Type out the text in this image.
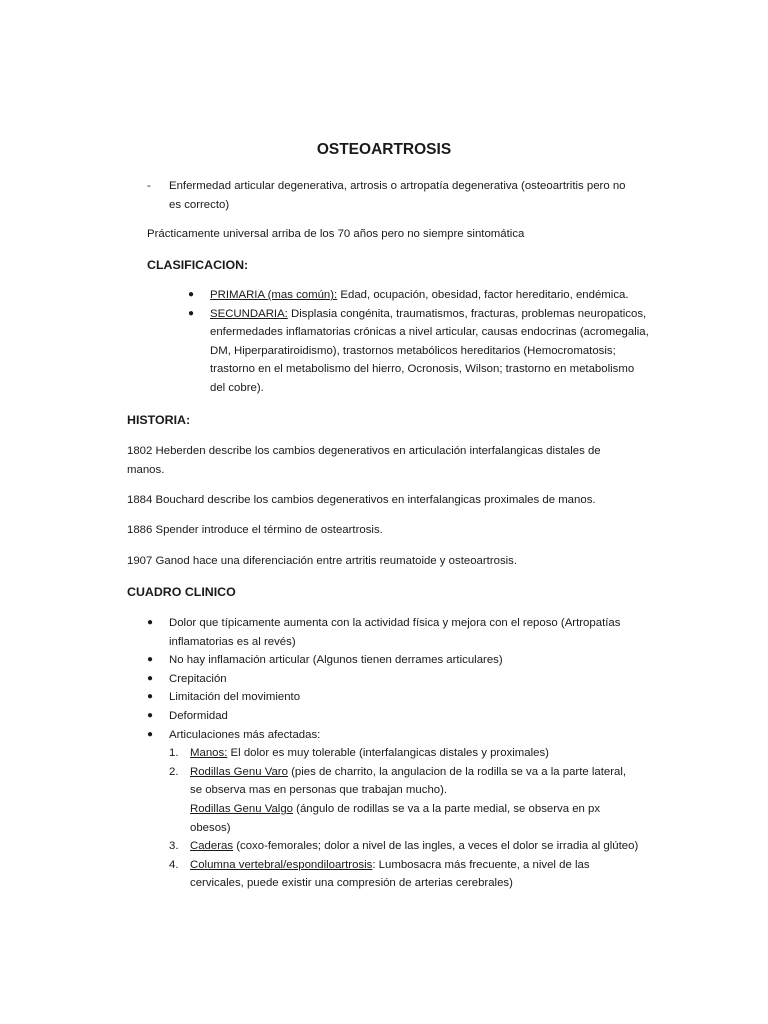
OSTEOARTROSIS
- Enfermedad articular degenerativa, artrosis o artropatía degenerativa (osteoartritis pero no es correcto)
Prácticamente universal arriba de los 70 años pero no siempre sintomática
CLASIFICACION:
● PRIMARIA (mas común): Edad, ocupación, obesidad, factor hereditario, endémica.
● SECUNDARIA: Displasia congénita, traumatismos, fracturas, problemas neuropaticos, enfermedades inflamatorias crónicas a nivel articular, causas endocrinas (acromegalia, DM, Hiperparatiroidismo), trastornos metabólicos hereditarios (Hemocromatosis; trastorno en el metabolismo del hierro, Ocronosis, Wilson; trastorno en metabolismo del cobre).
HISTORIA:
1802 Heberden describe los cambios degenerativos en articulación interfalangicas distales de manos.
1884 Bouchard describe los cambios degenerativos en interfalangicas proximales de manos.
1886 Spender introduce el término de osteartrosis.
1907 Ganod hace una diferenciación entre artritis reumatoide y osteoartrosis.
CUADRO CLINICO
● Dolor que típicamente aumenta con la actividad física y mejora con el reposo (Artropatías inflamatorias es al revés)
● No hay inflamación articular (Algunos tienen derrames articulares)
● Crepitación
● Limitación del movimiento
● Deformidad
● Articulaciones más afectadas:
1. Manos: El dolor es muy tolerable (interfalangicas distales y proximales)
2. Rodillas Genu Varo (pies de charrito, la angulacion de la rodilla se va a la parte lateral, se observa mas en personas que trabajan mucho).
Rodillas Genu Valgo (ángulo de rodillas se va a la parte medial, se observa en px obesos)
3. Caderas (coxo-femorales; dolor a nivel de las ingles, a veces el dolor se irradia al glúteo)
4. Columna vertebral/espondiloartrosis: Lumbosacra más frecuente, a nivel de las cervicales, puede existir una compresión de arterias cerebrales)
